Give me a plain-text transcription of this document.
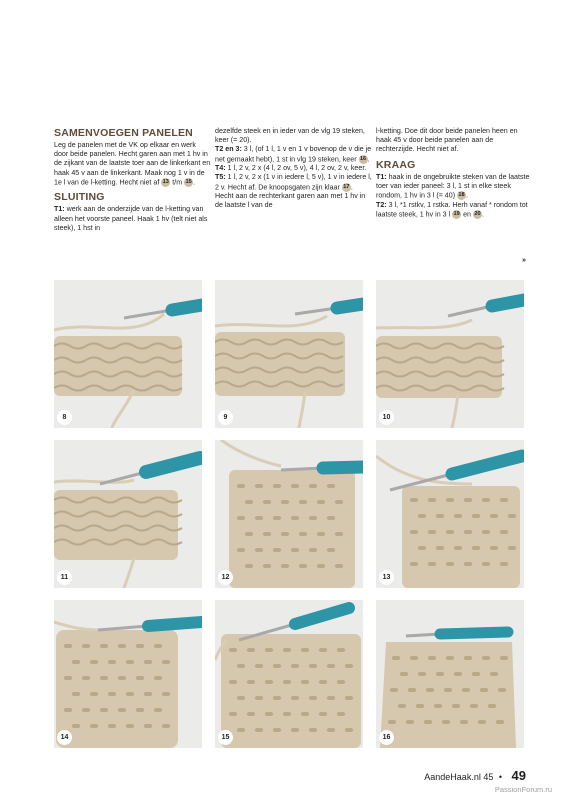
SAMENVOEGEN PANELEN

Leg de panelen met de VK op elkaar en werk door beide panelen. Hecht garen aan met 1 hv in de zijkant van de laatste toer aan de linkerkant en haak 45 v aan de linkerkant. Maak nog 1 v in de 1e l van de l-ketting. Hecht niet af 13 t/m 15.

SLUITING

T1: werk aan de onderzijde van de l-ketting van alleen het voorste paneel. Haak 1 hv (telt niet als steek), 1 hst in

dezelfde steek en in ieder van de vlg 19 steken, keer (= 20).

T2 en 3: 3 l, (of 1 l, 1 v en 1 v bovenop de v die je net gemaakt hebt), 1 st in vlg 19 steken, keer 16.

T4: 1 l, 2 v, 2 x (4 l, 2 ov, 5 v), 4 l, 2 ov, 2 v, keer.

T5: 1 l, 2 v, 2 x (1 v in iedere l, 5 v), 1 v in iedere l, 2 v. Hecht af. De knoopsgaten zijn klaar 17. Hecht aan de rechterkant garen aan met 1 hv in de laatste l van de

l-ketting. Doe dit door beide panelen heen en haak 45 v door beide panelen aan de rechterzijde. Hecht niet af.

KRAAG

T1: haak in de ongebruikte steken van de laatste toer van ieder paneel: 3 l, 1 st in elke steek rondom, 1 hv in 3 l (= 40) 18.

T2: 3 l, *1 rstkv, 1 rstka. Herh vanaf * rondom tot laatste steek, 1 hv in 3 l 19 en 20.

»
8	9	10
11	12	13
14	15	16
AandeHaak.nl 45 • 49
PassionForum.ru
